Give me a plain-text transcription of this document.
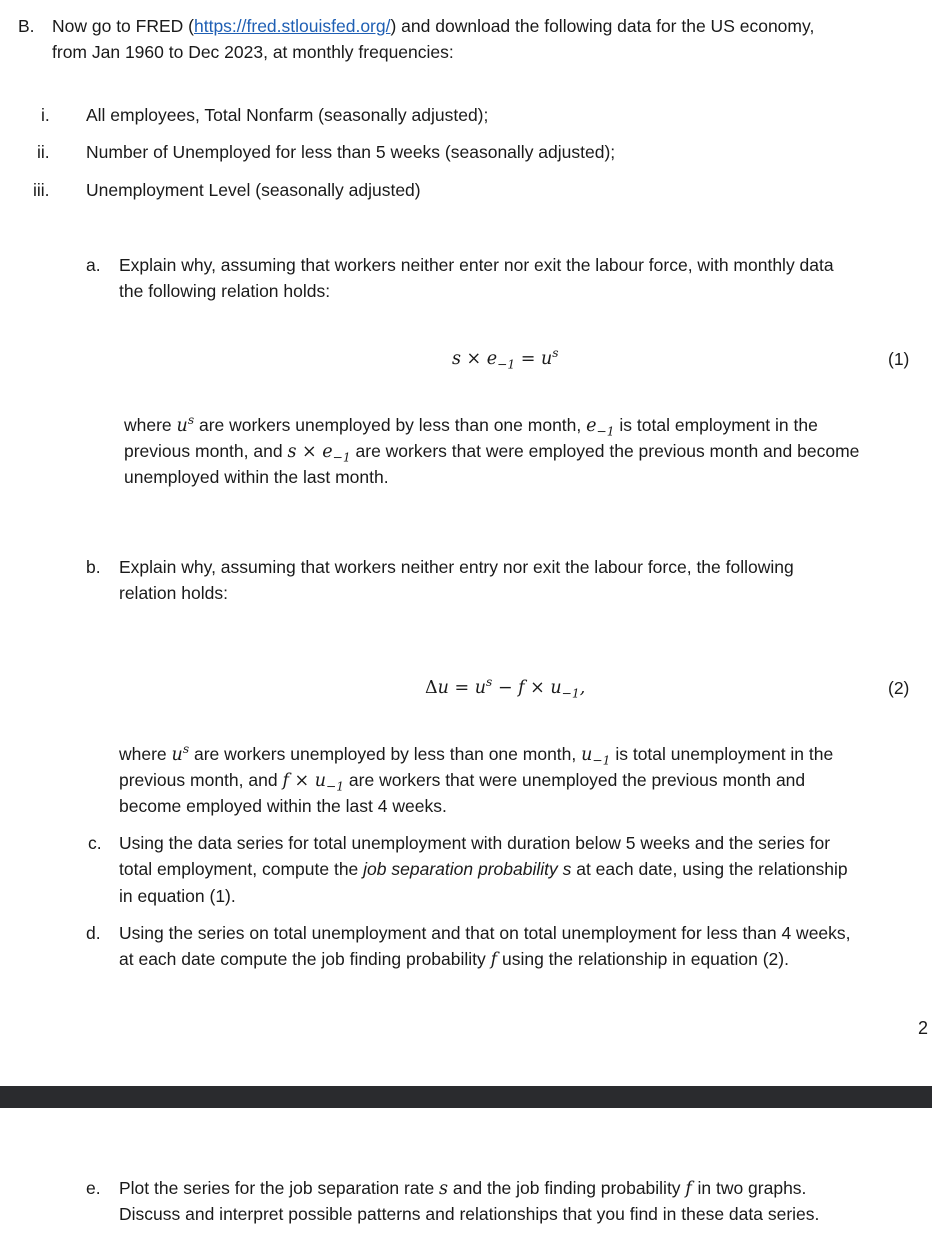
B. Now go to FRED (https://fred.stlouisfed.org/) and download the following data for the US economy,
from Jan 1960 to Dec 2023, at monthly frequencies:
i. All employees, Total Nonfarm (seasonally adjusted);
ii. Number of Unemployed for less than 5 weeks (seasonally adjusted);
iii. Unemployment Level (seasonally adjusted)
a. Explain why, assuming that workers neither enter nor exit the labour force, with monthly data
the following relation holds:
$s \times e_{-1} = u^s$	(1)
where $u^s$ are workers unemployed by less than one month, $e_{-1}$ is total employment in the
previous month, and $s \times e_{-1}$ are workers that were employed the previous month and become
unemployed within the last month.
b. Explain why, assuming that workers neither entry nor exit the labour force, the following
relation holds:
$\Delta u = u^s - f \times u_{-1}$,	(2)
where $u^s$ are workers unemployed by less than one month, $u_{-1}$ is total unemployment in the
previous month, and $f \times u_{-1}$ are workers that were unemployed the previous month and
become employed within the last 4 weeks.
c. Using the data series for total unemployment with duration below 5 weeks and the series for
total employment, compute the job separation probability s at each date, using the relationship
in equation (1).
d. Using the series on total unemployment and that on total unemployment for less than 4 weeks,
at each date compute the job finding probability f using the relationship in equation (2).
2
e. Plot the series for the job separation rate s and the job finding probability f in two graphs.
Discuss and interpret possible patterns and relationships that you find in these data series.
